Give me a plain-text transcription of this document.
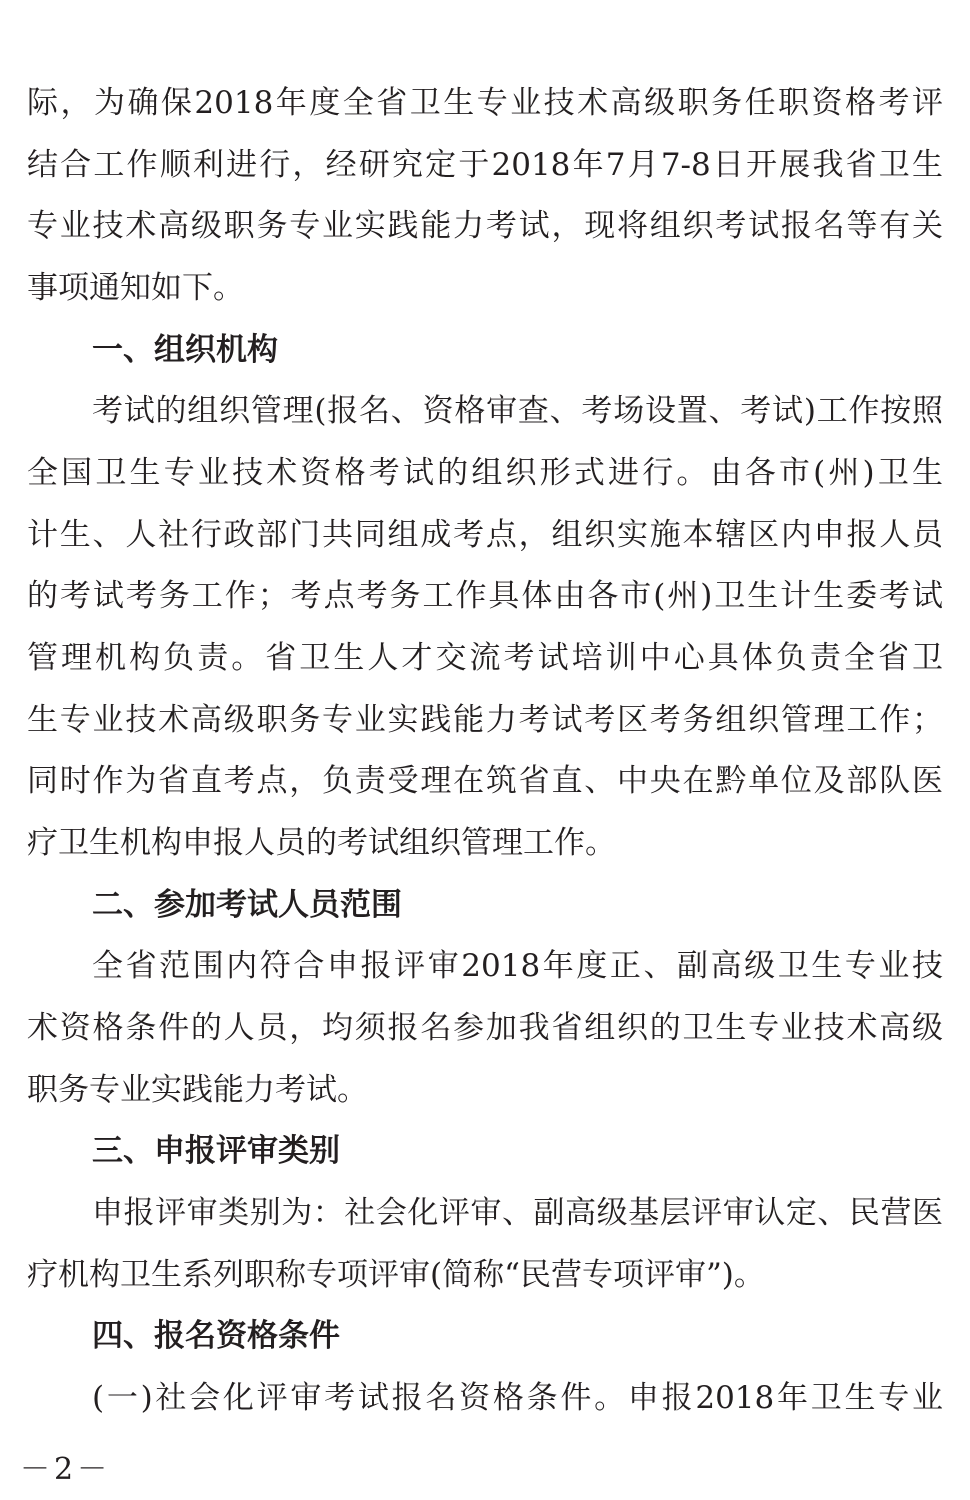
际，为确保2018年度全省卫生专业技术高级职务任职资格考评
结合工作顺利进行，经研究定于2018年7月7-8日开展我省卫生
专业技术高级职务专业实践能力考试，现将组织考试报名等有关
事项通知如下。
一、组织机构
考试的组织管理(报名、资格审查、考场设置、考试)工作按照
全国卫生专业技术资格考试的组织形式进行。由各市(州)卫生
计生、人社行政部门共同组成考点，组织实施本辖区内申报人员
的考试考务工作；考点考务工作具体由各市(州)卫生计生委考试
管理机构负责。省卫生人才交流考试培训中心具体负责全省卫
生专业技术高级职务专业实践能力考试考区考务组织管理工作；
同时作为省直考点，负责受理在筑省直、中央在黔单位及部队医
疗卫生机构申报人员的考试组织管理工作。
二、参加考试人员范围
全省范围内符合申报评审2018年度正、副高级卫生专业技
术资格条件的人员，均须报名参加我省组织的卫生专业技术高级
职务专业实践能力考试。
三、申报评审类别
申报评审类别为：社会化评审、副高级基层评审认定、民营医
疗机构卫生系列职称专项评审(简称“民营专项评审”)。
四、报名资格条件
(一)社会化评审考试报名资格条件。申报2018年卫生专业
－2－
